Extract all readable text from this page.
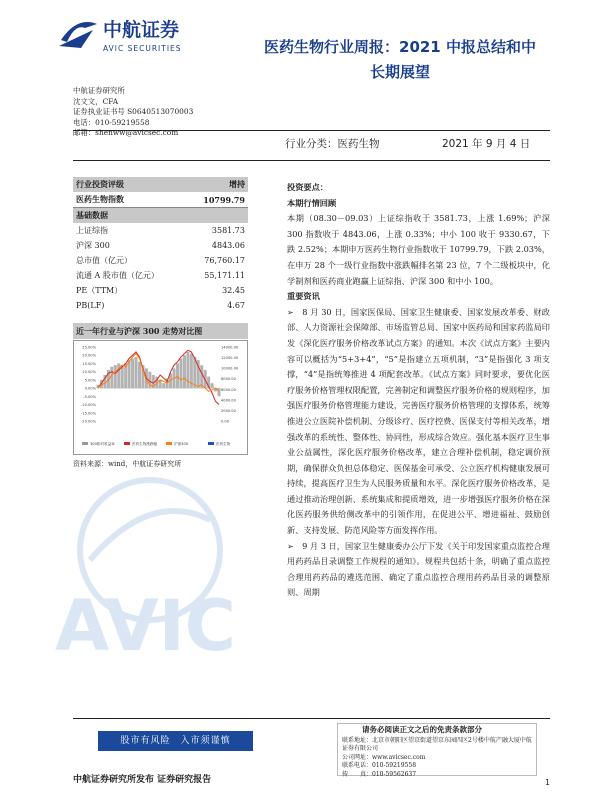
AVIC
中航证券
AVIC SECURITIES	医药生物行业周报：2021 中报总结和中
长期展望
中航证券研究所
沈文文，CFA
证券执业证书号 S0640513070003
电话：010-59219558
邮箱：shenww@avicsec.com
行业分类：医药生物	2021 年 9 月 4 日
行业投资评级	增持
医药生物指数	10799.79
基础数据
上证综指	3581.73
沪深 300	4843.06
总市值（亿元）	76,760.17
流通 A 股市值（亿元）	55,171.11
PE（TTM）	32.45
PB(LF)	4.67
近一年行业与沪深 300 走势对比图
25.00%
20.00%
15.00%
10.00%
5.00%
0.00%
-5.00%
-10.00%
-15.00%
-20.00%
14000.00
12000.00
10000.00
8000.00
6000.00
4000.00
2000.00
0.00
300相对收益率	医药生物涨跌幅	沪深300	医药生物
资料来源：wind，中航证券研究所

投资要点：

本期行情回顾

本期（08.30－09.03）上证综指收于 3581.73，上涨 1.69%；沪深 300 指数收于 4843.06，上涨 0.33%；中小 100 收于 9330.67，下跌 2.52%；本期申万医药生物行业指数收于 10799.79，下跌 2.03%，在申万 28 个一级行业指数中涨跌幅排名第 23 位，7 个二级板块中，化学制剂和医药商业跑赢上证综指、沪深 300 和中小 100。

重要资讯

➢　8 月 30 日，国家医保局、国家卫生健康委、国家发展改革委、财政部、人力资源社会保障部、市场监管总局、国家中医药局和国家药监局印发《深化医疗服务价格改革试点方案》的通知。本次《试点方案》主要内容可以概括为“5+3+4”，“5”是指建立五项机制，“3”是指强化 3 项支撑，“4”是指统筹推进 4 项配套改革。《试点方案》同时要求，要优化医疗服务价格管理权限配置，完善制定和调整医疗服务价格的规则程序，加强医疗服务价格管理能力建设，完善医疗服务价格管理的支撑体系，统筹推进公立医院补偿机制、分级诊疗、医疗控费、医保支付等相关改革，增强改革的系统性、整体性、协同性，形成综合效应。强化基本医疗卫生事业公益属性，深化医疗服务价格改革，建立合理补偿机制，稳定调价预期，确保群众负担总体稳定、医保基金可承受、公立医疗机构健康发展可持续，提高医疗卫生为人民服务质量和水平。深化医疗服务价格改革，是通过推动治理创新、系统集成和提质增效，进一步增强医疗服务价格在深化医药服务供给侧改革中的引领作用，在促进公平、增进福祉、鼓励创新、支持发展、防范风险等方面发挥作用。

➢　9 月 3 日，国家卫生健康委办公厅下发《关于印发国家重点监控合理用药药品目录调整工作规程的通知》。规程共包括十条，明确了重点监控合理用药药品的遴选范围、确定了重点监控合理用药药品目录的调整原则、周期

股市有风险　入市须谨慎
请务必阅读正文之后的免责条款部分
联系地址：北京市朝阳区望京街道望京东园四区2号楼中航产融大厦中航证券有限公司
公司网址：www.avicsec.com
联系电话：010-59219558
传　　真：010-59562637
中航证券研究所发布 证券研究报告	1
